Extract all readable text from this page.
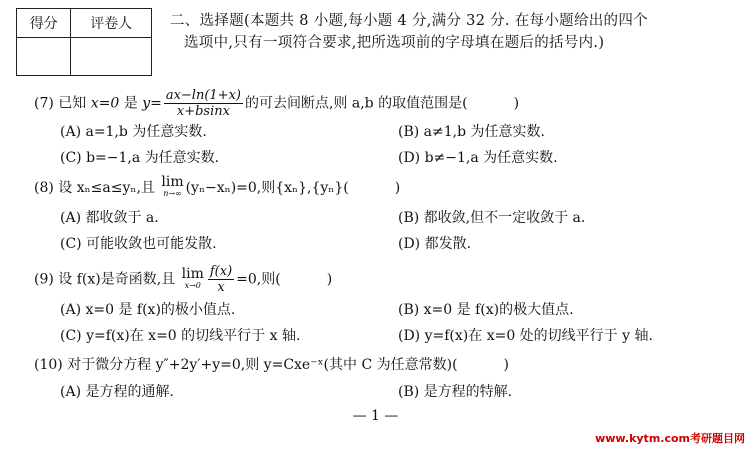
得分	评卷人
		二、选择题(本题共 8 小题,每小题 4 分,满分 32 分. 在每小题给出的四个
选项中,只有一项符合要求,把所选项前的字母填在题后的括号内.)
(7) 已知 x=0 是 $y= \frac{ax-\ln(1+x)}{x+bsinx}$ 的可去间断点,则 a,b 的取值范围是(	)
(A) a=1,b 为任意实数.	(B) a≠1,b 为任意实数.
(C) b=−1,a 为任意实数.	(D) b≠−1,a 为任意实数.
(8) 设 xₙ≤a≤yₙ,且 lim
n→∞ (yₙ−xₙ)=0,则{xₙ},{yₙ}(	)
(A) 都收敛于 a.	(B) 都收敛,但不一定收敛于 a.
(C) 可能收敛也可能发散.	(D) 都发散.
(9) 设 f(x)是奇函数,且 lim
$x\to 0 \frac{f(x)}{x} =0$,则(	)
(A) x=0 是 f(x)的极小值点.	(B) x=0 是 f(x)的极大值点.
(C) y=f(x)在 x=0 的切线平行于 x 轴.	(D) y=f(x)在 x=0 处的切线平行于 y 轴.
(10) 对于微分方程 y″+2y′+y=0,则 y=Cxe⁻ˣ(其中 C 为任意常数)(	)
(A) 是方程的通解.	(B) 是方程的特解.
— 1 —
www.kytm.com考研题目网
